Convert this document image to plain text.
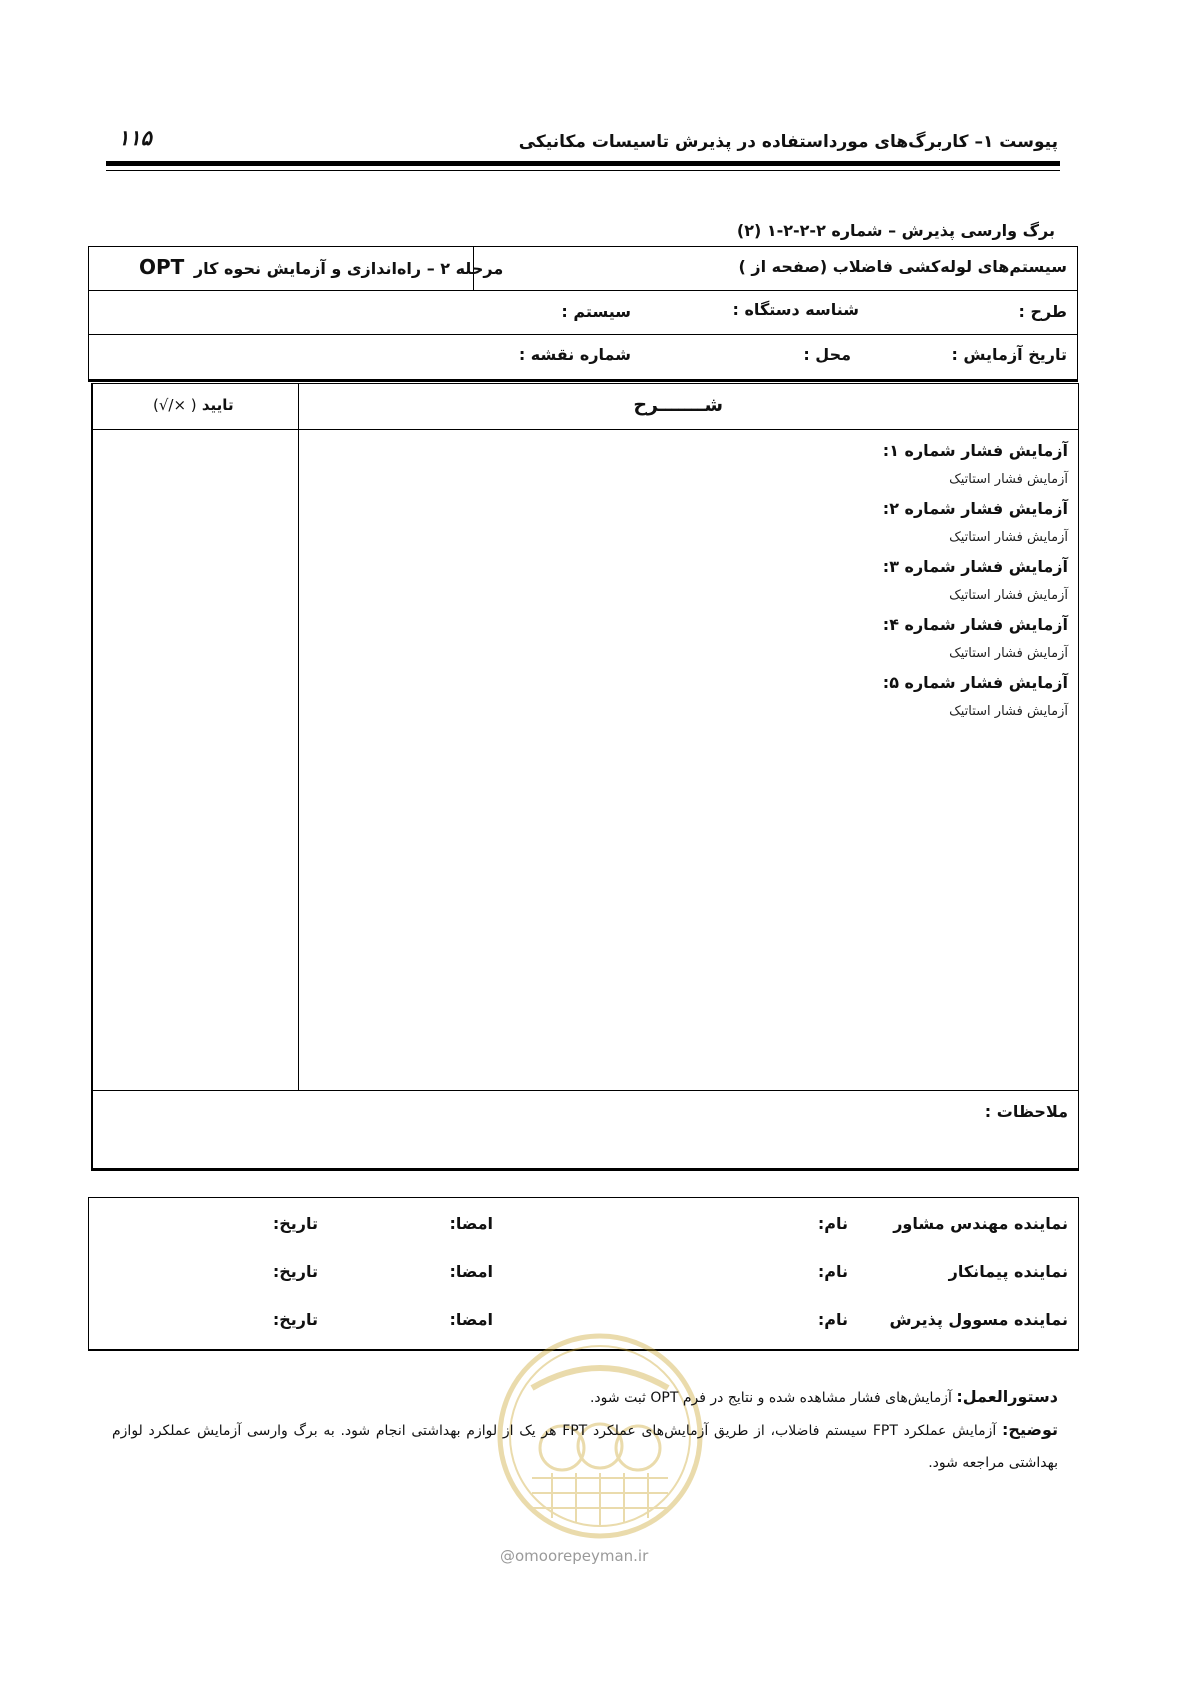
۱۱۵	پیوست ۱– کاربرگ‌های مورداستفاده در پذیرش تاسیسات مکانیکی
برگ وارسی پذیرش – شماره ۲-۲-۲-۱ (۲)
سیستم‌های لوله‌کشی فاضلاب (صفحه از )
مرحله ۲ – راه‌اندازی و آزمایش نحوه کار OPT
طرح :
شناسه دستگاه :
سیستم :
تاریخ آزمایش :
محل :
شماره نقشه :
شـــــــرح
تایید ( ×/√)
آزمایش فشار شماره ۱:
آزمایش فشار استاتیک
آزمایش فشار شماره ۲:
آزمایش فشار استاتیک
آزمایش فشار شماره ۳:
آزمایش فشار استاتیک
آزمایش فشار شماره ۴:
آزمایش فشار استاتیک
آزمایش فشار شماره ۵:
آزمایش فشار استاتیک
ملاحظات :
نماینده مهندس مشاور
نام:
امضا:
تاریخ:
نماینده پیمانکار
نام:
امضا:
تاریخ:
نماینده مسوول پذیرش
نام:
امضا:
تاریخ:
دستورالعمل: آزمایش‌های فشار مشاهده شده و نتایج در فرم OPT ثبت شود.
توضیح: آزمایش عملکرد FPT سیستم فاضلاب، از طریق آزمایش‌های عملکرد FPT هر یک از لوازم بهداشتی انجام شود. به برگ وارسی آزمایش عملکرد لوازم بهداشتی مراجعه شود.
@omoorepeyman.ir
